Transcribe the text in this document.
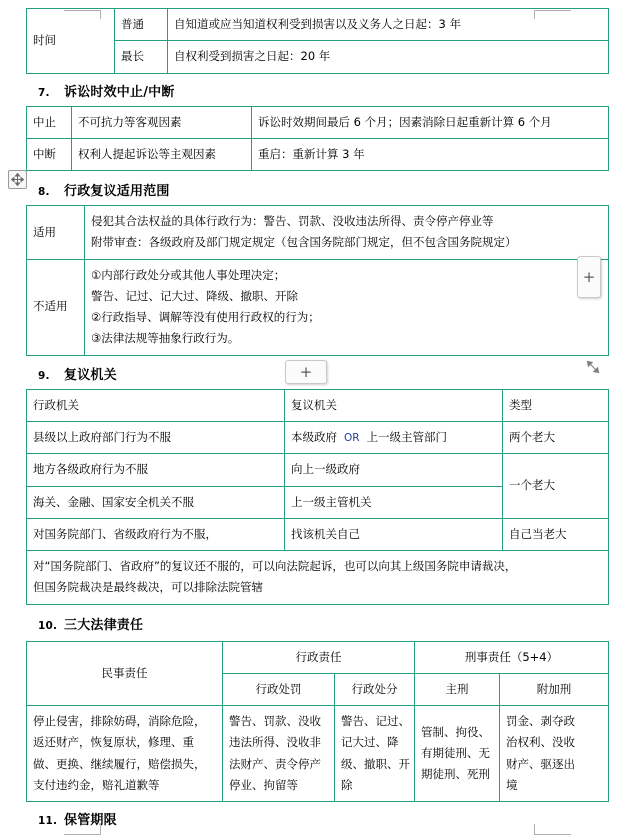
时间	普通	自知道或应当知道权利受到损害以及义务人之日起：3 年
	最长	自权利受到损害之日起：20 年
7.	诉讼时效中止/中断
中止	不可抗力等客观因素	诉讼时效期间最后 6 个月；因素消除日起重新计算 6 个月
中断	权利人提起诉讼等主观因素	重启：重新计算 3 年
8.	行政复议适用范围
适用	侵犯其合法权益的具体行政行为：警告、罚款、没收违法所得、责令停产停业等
附带审查：各级政府及部门规定规定（包含国务院部门规定，但不包含国务院规定）

不适用	①内部行政处分或其他人事处理决定；
警告、记过、记大过、降级、撤职、开除
②行政指导、调解等没有使用行政权的行为；
③法律法规等抽象行政行为。
+
9.	复议机关	+
行政机关	复议机关	类型
县级以上政府部门行为不服	本级政府 OR 上一级主管部门	两个老大
地方各级政府行为不服	向上一级政府	一个老大
海关、金融、国家安全机关不服	上一级主管机关	
对国务院部门、省级政府行为不服，	找该机关自己	自己当老大

对“国务院部门、省政府”的复议还不服的，可以向法院起诉，也可以向其上级国务院申请裁决，
但国务院裁决是最终裁决，可以排除法院管辖		
10. 三大法律责任
民事责任	行政责任		刑事责任（5+4）	
	行政处罚	行政处分	主刑	附加刑

停止侵害，排除妨碍，消除危险，
返还财产，恢复原状，修理、重
做、更换、继续履行，赔偿损失，
支付违约金，赔礼道歉等

警告、罚款、没收
违法所得、没收非
法财产、责令停产
停业、拘留等

警告、记过、
记大过、降
级、撤职、开
除

管制、拘役、
有期徒刑、无
期徒刑、死刑

罚金、剥夺政
治权利、没收
财产、驱逐出
境
11. 保管期限
